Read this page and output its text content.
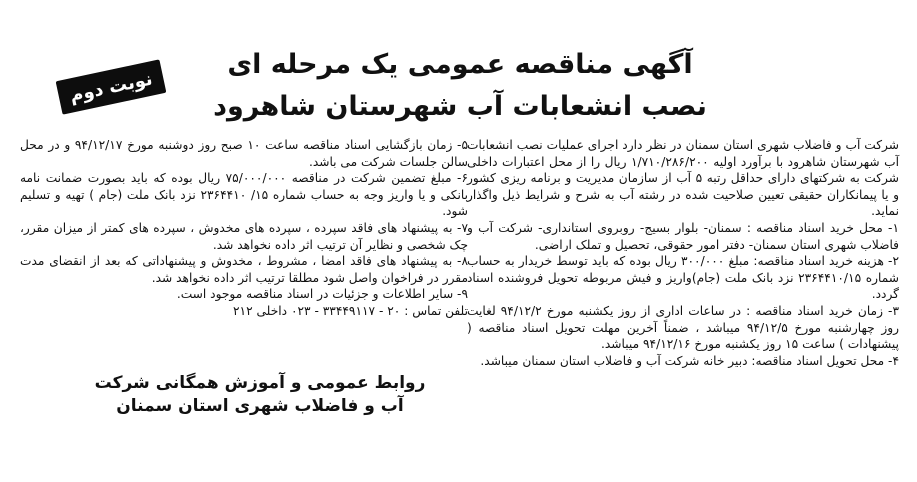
نوبت دوم
آگهی مناقصه عمومی یک مرحله ای
نصب انشعابات آب شهرستان شاهرود

شرکت آب و فاضلاب شهری استان سمنان در نظر دارد اجرای عملیات نصب انشعابات آب شهرستان شاهرود با برآورد اولیه ۱/۷۱۰/۲۸۶/۲۰۰ ریال را از محل اعتبارات داخلی شرکت به شرکتهای دارای حداقل رتبه ۵ آب از سازمان مدیریت و برنامه ریزی کشور و یا پیمانکاران حقیقی تعیین صلاحیت شده در رشته آب به شرح و شرایط ذیل واگذار نماید.

۱- محل خرید اسناد مناقصه : سمنان- بلوار بسیج- روبروی استانداری- شرکت آب و فاضلاب شهری استان سمنان- دفتر امور حقوقی، تحصیل و تملک اراضی.

۲- هزینه خرید اسناد مناقصه: مبلغ ۳۰۰/۰۰۰ ریال بوده که باید توسط خریدار به حساب شماره ۲۳۶۴۴۱۰/۱۵ نزد بانک ملت (جام)واریز و فیش مربوطه تحویل فروشنده اسناد گردد.

۳- زمان خرید اسناد مناقصه : در ساعات اداری از روز یکشنبه مورخ ۹۴/۱۲/۲ لغایت روز چهارشنبه مورخ ۹۴/۱۲/۵ میباشد ، ضمناً آخرین مهلت تحویل اسناد مناقصه ( پیشنهادات ) ساعت ۱۵ روز یکشنبه مورخ ۹۴/۱۲/۱۶ میباشد.

۴- محل تحویل اسناد مناقصه: دبیر خانه شرکت آب و فاضلاب استان سمنان میباشد.

۵- زمان بازگشایی اسناد مناقصه ساعت ۱۰ صبح روز دوشنبه مورخ ۹۴/۱۲/۱۷ و در محل سالن جلسات شرکت می باشد.

۶- مبلغ تضمین شرکت در مناقصه ۷۵/۰۰۰/۰۰۰ ریال بوده که باید بصورت ضمانت نامه بانکی و یا واریز وجه به حساب شماره ۱۵/ ۲۳۶۴۴۱۰ نزد بانک ملت (جام ) تهیه و تسلیم شود.

۷- به پیشنهاد های فاقد سپرده ، سپرده های مخدوش ، سپرده های کمتر از میزان مقرر، چک شخصی و نظایر آن ترتیب اثر داده نخواهد شد.

۸- به پیشنهاد های فاقد امضا ، مشروط ، مخدوش و پیشنهاداتی که بعد از انقضای مدت مقرر در فراخوان واصل شود مطلقا ترتیب اثر داده نخواهد شد.

۹- سایر اطلاعات و جزئیات در اسناد مناقصه موجود است.

تلفن تماس : ۲۰ - ۳۳۴۴۹۱۱۷ - ۰۲۳ داخلی ۲۱۲

روابط عمومی و آموزش همگانی شرکت
آب و فاضلاب شهری استان سمنان
